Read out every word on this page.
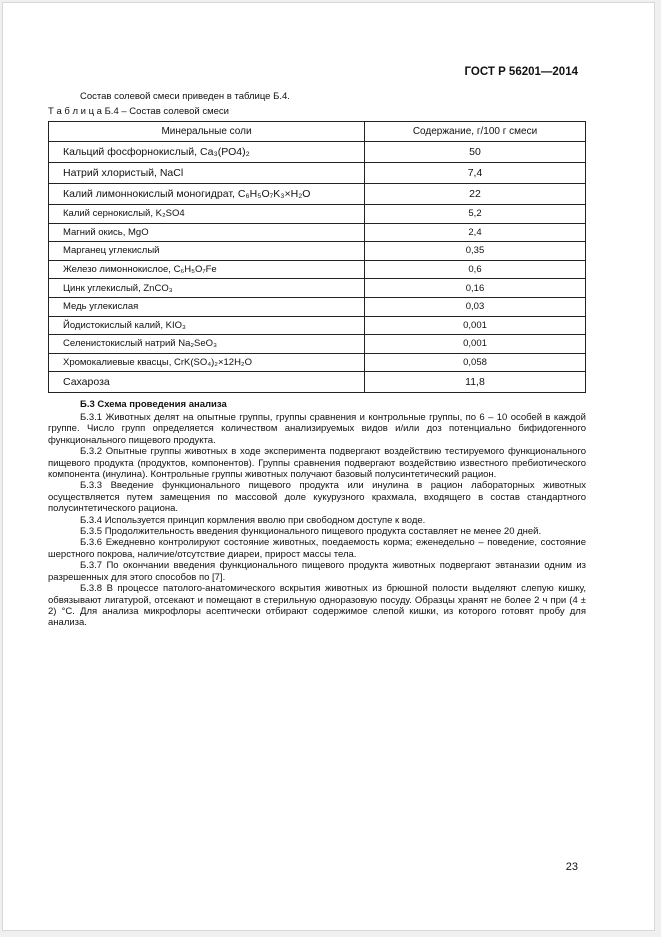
ГОСТ Р 56201—2014
Состав солевой смеси приведен в таблице Б.4.
Т а б л и ц а Б.4 – Состав солевой смеси
Минеральные соли	Содержание, г/100 г смеси
Кальций фосфорнокислый, Са₃(РО4)₂	50
Натрий хлористый, NaCl	7,4
Калий лимоннокислый моногидрат, C₆H₅O₇K₃×H₂O	22
Калий сернокислый, K₂SO4	5,2
Магний окись, MgO	2,4
Марганец углекислый	0,35
Железо лимоннокислое, C₆H₅O₇Fe	0,6
Цинк углекислый, ZnCO₃	0,16
Медь углекислая	0,03
Йодистокислый калий, KIO₃	0,001
Селенистокислый натрий Na₂SeO₃	0,001
Хромокалиевые квасцы, CrK(SO₄)₂×12H₂O	0,058
Сахароза	11,8
Б.3 Схема проведения анализа

Б.3.1 Животных делят на опытные группы, группы сравнения и контрольные группы, по 6 – 10 особей в каждой группе. Число групп определяется количеством анализируемых видов и/или доз потенциально бифидогенного функционального пищевого продукта.

Б.3.2 Опытные группы животных в ходе эксперимента подвергают воздействию тестируемого функционального пищевого продукта (продуктов, компонентов). Группы сравнения подвергают воздействию известного пребиотического компонента (инулина). Контрольные группы животных получают базовый полусинтетический рацион.

Б.3.3 Введение функционального пищевого продукта или инулина в рацион лабораторных животных осуществляется путем замещения по массовой доле кукурузного крахмала, входящего в состав стандартного полусинтетического рациона.

Б.3.4 Используется принцип кормления вволю при свободном доступе к воде.

Б.3.5 Продолжительность введения функционального пищевого продукта составляет не менее 20 дней.

Б.3.6 Ежедневно контролируют состояние животных, поедаемость корма; еженедельно – поведение, состояние шерстного покрова, наличие/отсутствие диареи, прирост массы тела.

Б.3.7 По окончании введения функционального пищевого продукта животных подвергают эвтаназии одним из разрешенных для этого способов по [7].

Б.3.8 В процессе патолого-анатомического вскрытия животных из брюшной полости выделяют слепую кишку, обвязывают лигатурой, отсекают и помещают в стерильную одноразовую посуду. Образцы хранят не более 2 ч при (4 ± 2) °С. Для анализа микрофлоры асептически отбирают содержимое слепой кишки, из которого готовят пробу для анализа.

23
